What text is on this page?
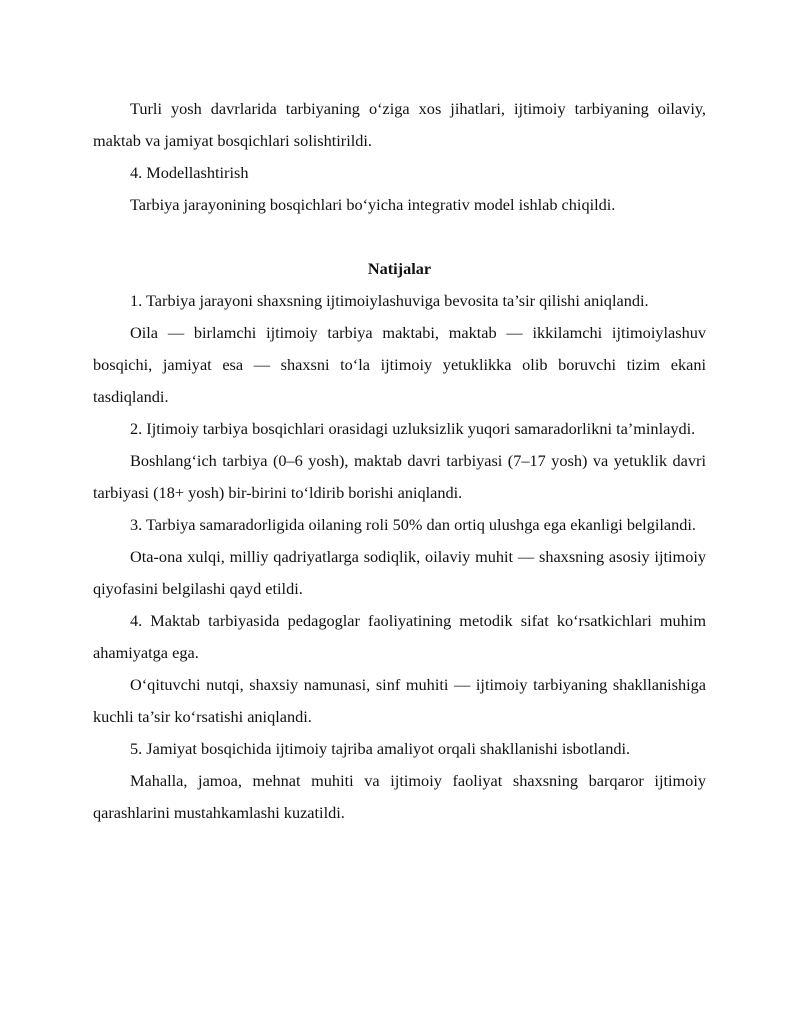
Turli yosh davrlarida tarbiyaning o‘ziga xos jihatlari, ijtimoiy tarbiyaning oilaviy, maktab va jamiyat bosqichlari solishtirildi.

4. Modellashtirish

Tarbiya jarayonining bosqichlari bo‘yicha integrativ model ishlab chiqildi.

Natijalar

1. Tarbiya jarayoni shaxsning ijtimoiylashuviga bevosita ta’sir qilishi aniqlandi.

Oila — birlamchi ijtimoiy tarbiya maktabi, maktab — ikkilamchi ijtimoiylashuv bosqichi, jamiyat esa — shaxsni to‘la ijtimoiy yetuklikka olib boruvchi tizim ekani tasdiqlandi.

2. Ijtimoiy tarbiya bosqichlari orasidagi uzluksizlik yuqori samaradorlikni ta’minlaydi.

Boshlang‘ich tarbiya (0–6 yosh), maktab davri tarbiyasi (7–17 yosh) va yetuklik davri tarbiyasi (18+ yosh) bir-birini to‘ldirib borishi aniqlandi.

3. Tarbiya samaradorligida oilaning roli 50% dan ortiq ulushga ega ekanligi belgilandi.

Ota-ona xulqi, milliy qadriyatlarga sodiqlik, oilaviy muhit — shaxsning asosiy ijtimoiy qiyofasini belgilashi qayd etildi.

4. Maktab tarbiyasida pedagoglar faoliyatining metodik sifat ko‘rsatkichlari muhim ahamiyatga ega.

O‘qituvchi nutqi, shaxsiy namunasi, sinf muhiti — ijtimoiy tarbiyaning shakllanishiga kuchli ta’sir ko‘rsatishi aniqlandi.

5. Jamiyat bosqichida ijtimoiy tajriba amaliyot orqali shakllanishi isbotlandi.

Mahalla, jamoa, mehnat muhiti va ijtimoiy faoliyat shaxsning barqaror ijtimoiy qarashlarini mustahkamlashi kuzatildi.
